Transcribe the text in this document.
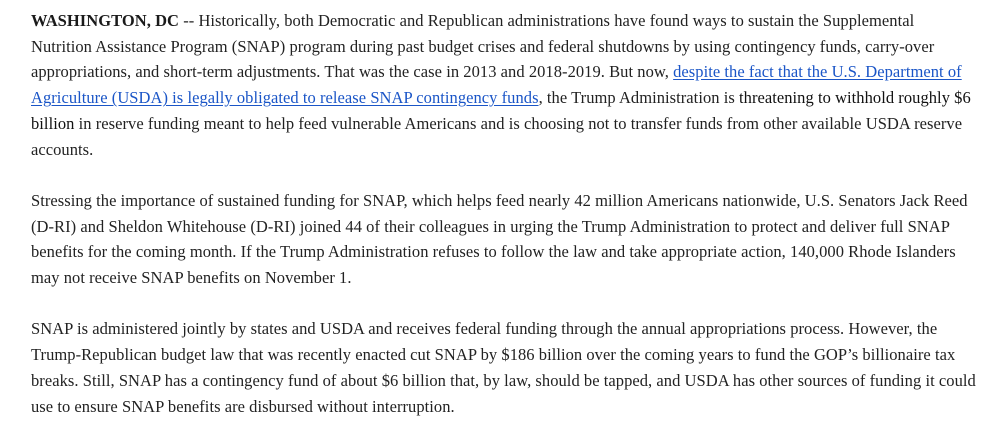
WASHINGTON, DC -- Historically, both Democratic and Republican administrations have found ways to sustain the Supplemental Nutrition Assistance Program (SNAP) program during past budget crises and federal shutdowns by using contingency funds, carry-over appropriations, and short-term adjustments. That was the case in 2013 and 2018-2019. But now, despite the fact that the U.S. Department of Agriculture (USDA) is legally obligated to release SNAP contingency funds, the Trump Administration is threatening to withhold roughly $6 billion in reserve funding meant to help feed vulnerable Americans and is choosing not to transfer funds from other available USDA reserve accounts.

Stressing the importance of sustained funding for SNAP, which helps feed nearly 42 million Americans nationwide, U.S. Senators Jack Reed (D-RI) and Sheldon Whitehouse (D-RI) joined 44 of their colleagues in urging the Trump Administration to protect and deliver full SNAP benefits for the coming month. If the Trump Administration refuses to follow the law and take appropriate action, 140,000 Rhode Islanders may not receive SNAP benefits on November 1.

SNAP is administered jointly by states and USDA and receives federal funding through the annual appropriations process. However, the Trump-Republican budget law that was recently enacted cut SNAP by $186 billion over the coming years to fund the GOP’s billionaire tax breaks. Still, SNAP has a contingency fund of about $6 billion that, by law, should be tapped, and USDA has other sources of funding it could use to ensure SNAP benefits are disbursed without interruption.
